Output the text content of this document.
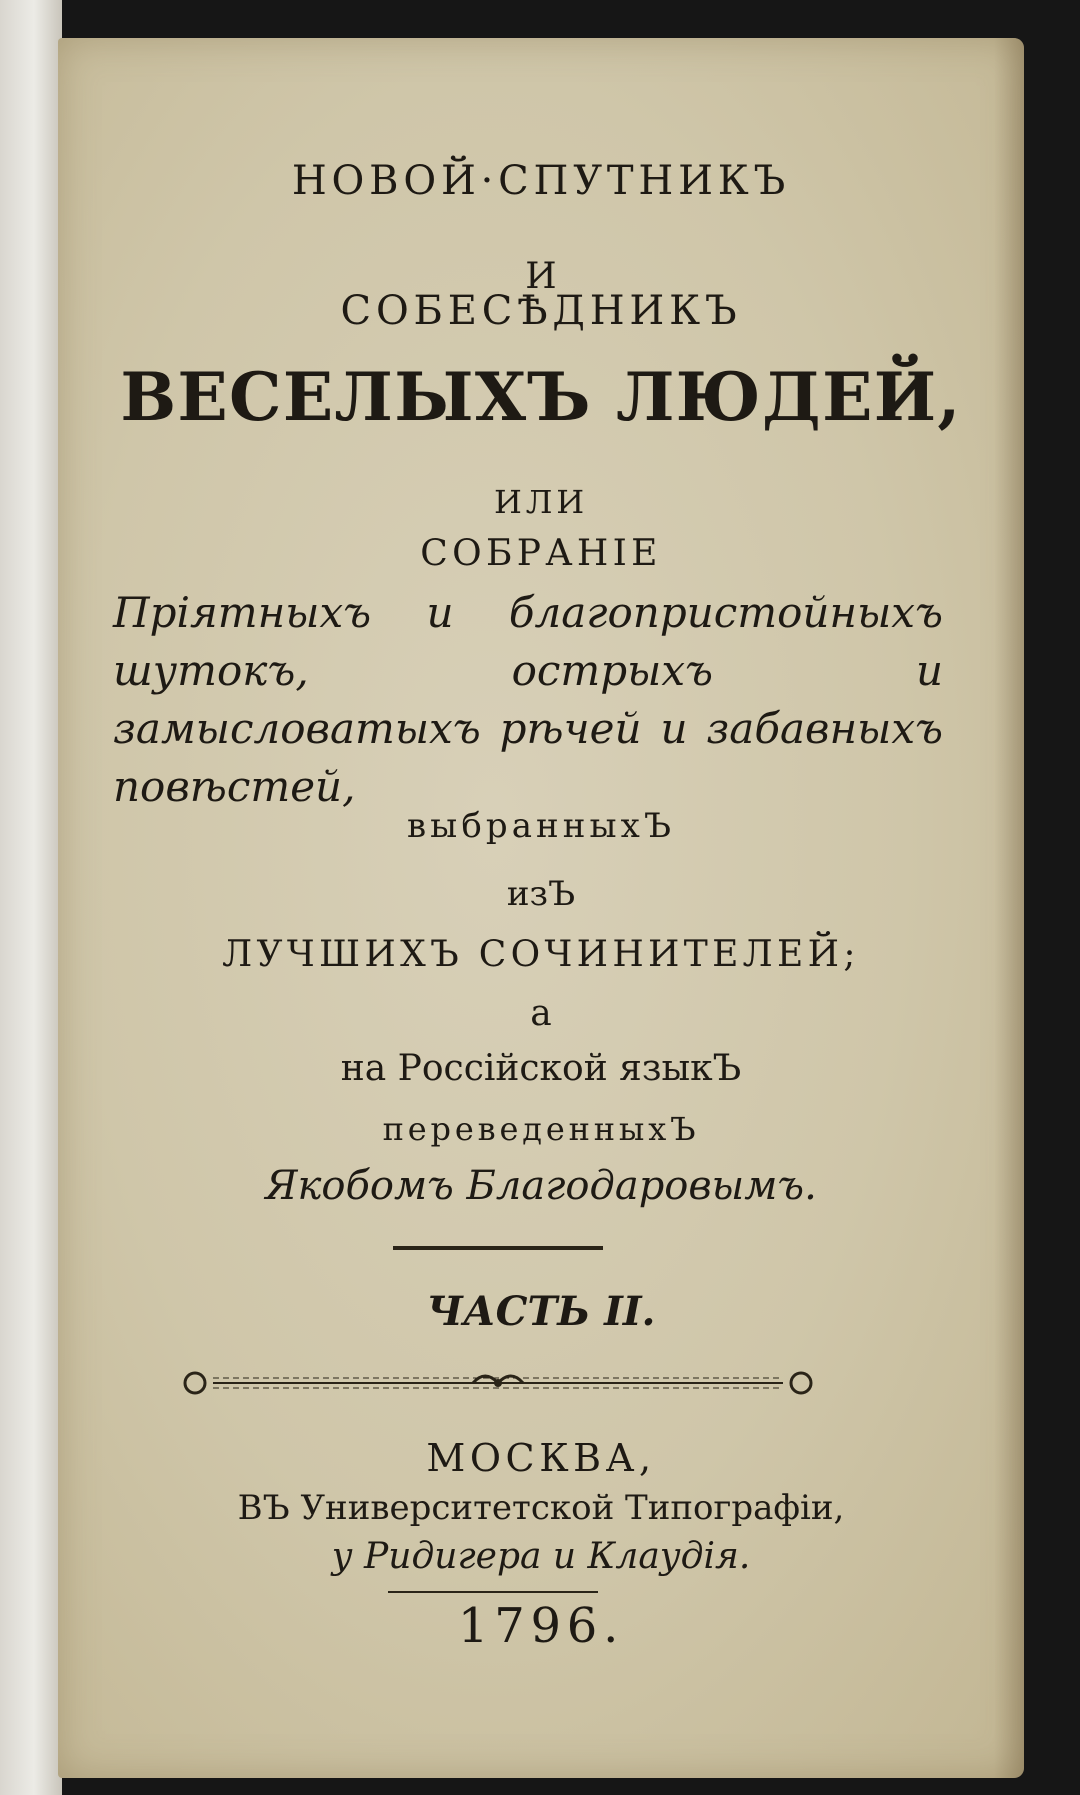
НОВОЙ·СПУТНИКЪ
И
СОБЕСѢДНИКЪ
ВЕСЕЛЫХЪ ЛЮДЕЙ,
ИЛИ
СОБРАНІЕ
Пріятныхъ и благопристойныхъ шутокъ, острыхъ и замысловатыхъ рѣчей и забавныхъ повѣстей,
выбранныхЪ
изЪ
ЛУЧШИХЪ СОЧИНИТЕЛЕЙ;
а
на Россійской языкЪ
переведенныхЪ
Якобомъ Благодаровымъ.
ЧАСТЬ II.
МОСКВА,
ВЪ Университетской Типографіи,
у Ридигера и Клаудія.
1796.
